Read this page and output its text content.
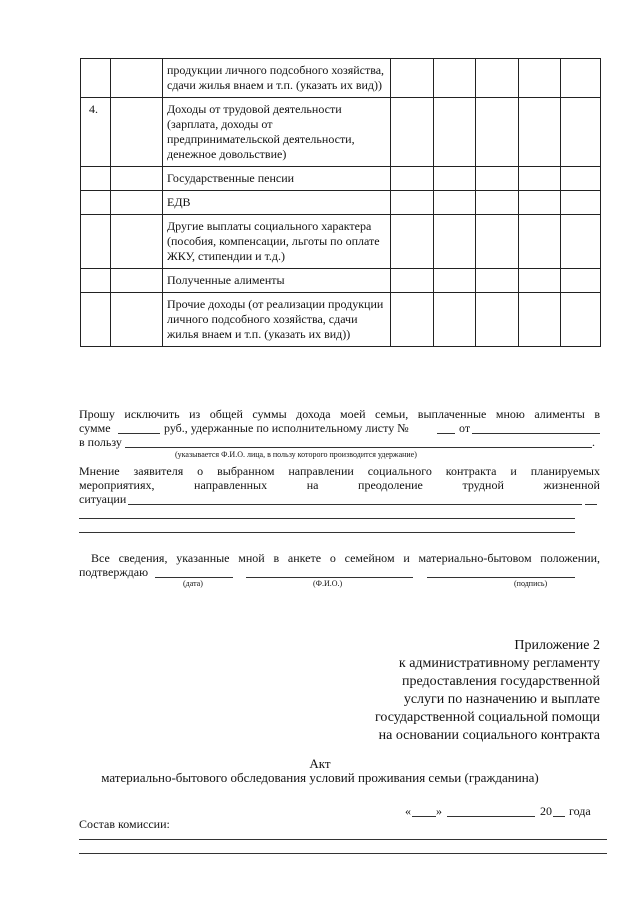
		продукции личного подсобного хозяйства, сдачи жилья внаем и т.п. (указать их вид))					
4.		Доходы от трудовой деятельности (зарплата, доходы от предпринимательской деятельности, денежное довольствие)					
		Государственные пенсии					
		ЕДВ					
		Другие выплаты социального характера (пособия, компенсации, льготы по оплате ЖКУ, стипендии и т.д.)					
		Полученные алименты					
		Прочие доходы (от реализации продукции личного подсобного хозяйства, сдачи жилья внаем и т.п. (указать их вид))					
Прошу исключить из общей суммы дохода моей семьи, выплаченные мною алименты в
сумме	руб., удержанные по исполнительному листу №	от
в пользу	.
(указывается Ф.И.О. лица, в пользу которого производится удержание)
Мнение заявителя о выбранном направлении социального контракта и планируемых
мероприятиях,	направленных	на	преодоление	трудной	жизненной
ситуации
Все сведения, указанные мной в анкете о семейном и материально-бытовом положении,
подтверждаю
(дата)	(Ф.И.О.)	(подпись)
Приложение 2
к административному регламенту
предоставления государственной
услуги по назначению и выплате
государственной социальной помощи
на основании социального контракта
Акт
материально-бытового обследования условий проживания семьи (гражданина)
« »	20 года
Состав комиссии:
